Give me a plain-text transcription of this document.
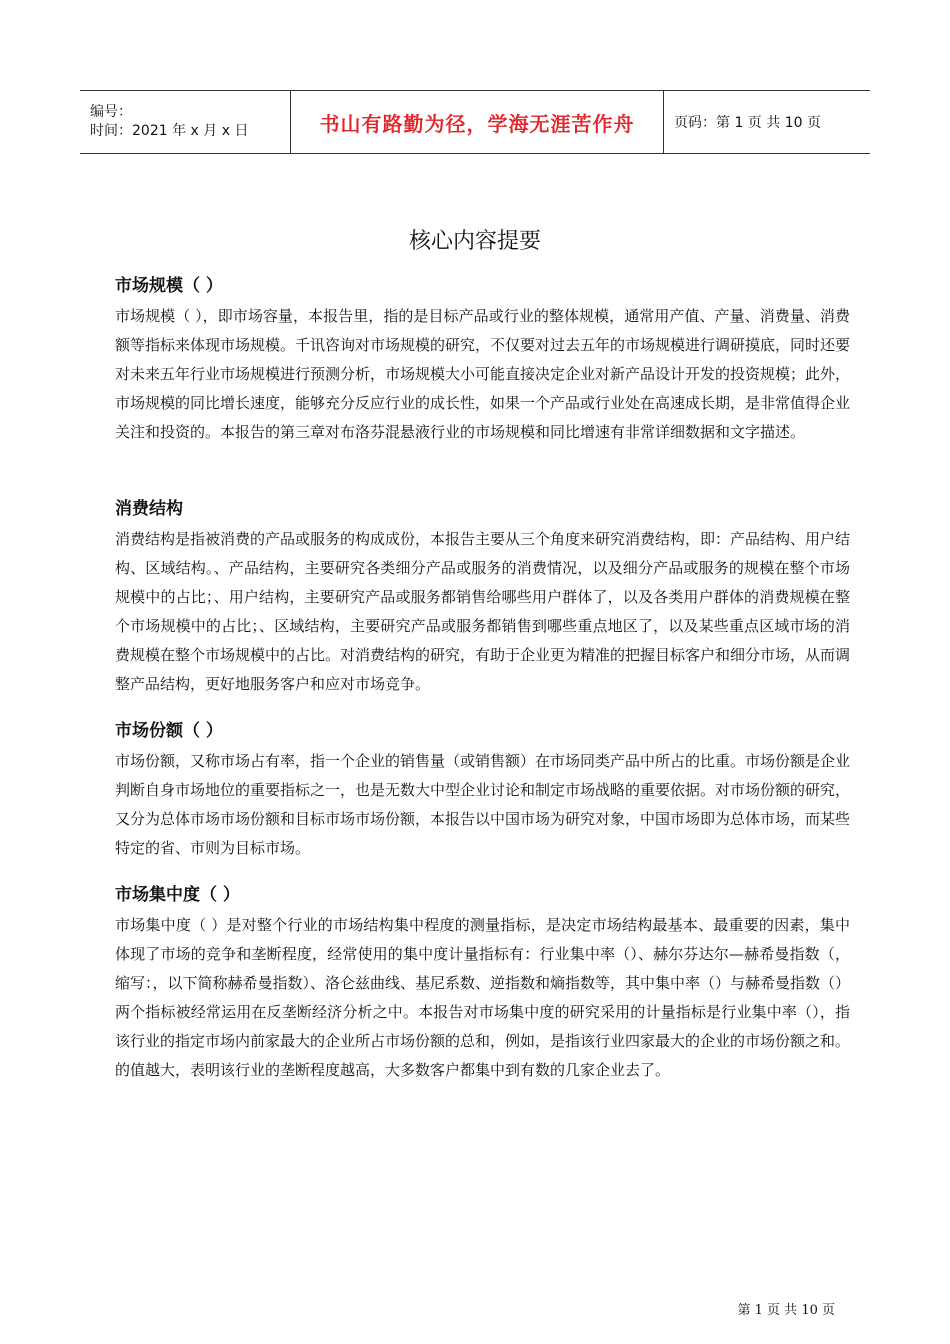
编号：
时间：2021 年 x 月 x 日	书山有路勤为径，学海无涯苦作舟	页码：第 1 页 共 10 页
核心内容提要
市场规模（ ）
市场规模（ ），即市场容量，本报告里，指的是目标产品或行业的整体规模，通常用产值、产量、消费量、消费额等指标来体现市场规模。千讯咨询对市场规模的研究，不仅要对过去五年的市场规模进行调研摸底，同时还要对未来五年行业市场规模进行预测分析，市场规模大小可能直接决定企业对新产品设计开发的投资规模；此外，市场规模的同比增长速度，能够充分反应行业的成长性，如果一个产品或行业处在高速成长期，是非常值得企业关注和投资的。本报告的第三章对布洛芬混悬液行业的市场规模和同比增速有非常详细数据和文字描述。
消费结构
消费结构是指被消费的产品或服务的构成成份，本报告主要从三个角度来研究消费结构，即：产品结构、用户结构、区域结构。、产品结构，主要研究各类细分产品或服务的消费情况，以及细分产品或服务的规模在整个市场规模中的占比；、用户结构，主要研究产品或服务都销售给哪些用户群体了，以及各类用户群体的消费规模在整个市场规模中的占比；、区域结构，主要研究产品或服务都销售到哪些重点地区了，以及某些重点区域市场的消费规模在整个市场规模中的占比。对消费结构的研究，有助于企业更为精准的把握目标客户和细分市场，从而调整产品结构，更好地服务客户和应对市场竞争。
市场份额（ ）
市场份额，又称市场占有率，指一个企业的销售量（或销售额）在市场同类产品中所占的比重。市场份额是企业判断自身市场地位的重要指标之一，也是无数大中型企业讨论和制定市场战略的重要依据。对市场份额的研究，又分为总体市场市场份额和目标市场市场份额，本报告以中国市场为研究对象，中国市场即为总体市场，而某些特定的省、市则为目标市场。
市场集中度（ ）
市场集中度（ ）是对整个行业的市场结构集中程度的测量指标，是决定市场结构最基本、最重要的因素，集中体现了市场的竞争和垄断程度，经常使用的集中度计量指标有：行业集中率（）、赫尔芬达尔—赫希曼指数（，缩写：，以下简称赫希曼指数）、洛仑兹曲线、基尼系数、逆指数和熵指数等，其中集中率（）与赫希曼指数（）两个指标被经常运用在反垄断经济分析之中。本报告对市场集中度的研究采用的计量指标是行业集中率（），指该行业的指定市场内前家最大的企业所占市场份额的总和，例如，是指该行业四家最大的企业的市场份额之和。的值越大，表明该行业的垄断程度越高，大多数客户都集中到有数的几家企业去了。
第 1 页 共 10 页
